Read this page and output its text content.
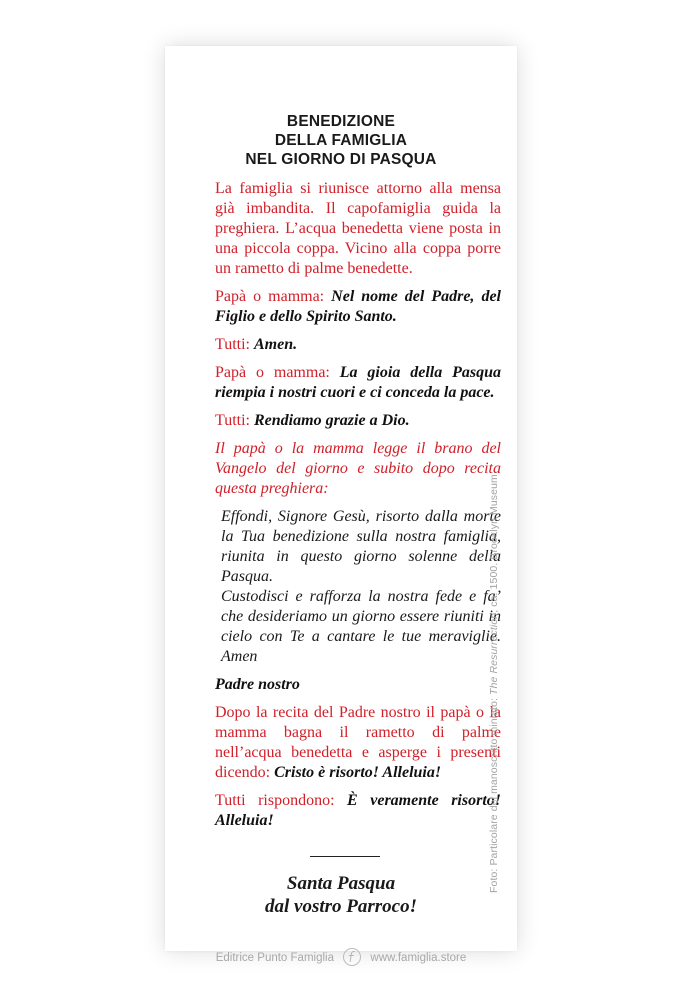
BENEDIZIONE
DELLA FAMIGLIA
NEL GIORNO DI PASQUA

La famiglia si riunisce attorno alla mensa già imbandita. Il capofamiglia guida la preghiera. L’acqua benedetta viene posta in una piccola coppa. Vicino alla coppa porre un rametto di palme benedette.

Papà o mamma: Nel nome del Padre, del Figlio e dello Spirito Santo.

Tutti: Amen.

Papà o mamma: La gioia della Pasqua riempia i nostri cuori e ci conceda la pace.

Tutti: Rendiamo grazie a Dio.

Il papà o la mamma legge il brano del Vangelo del giorno e subito dopo recita questa preghiera:

Effondi, Signore Gesù, risorto dalla morte la Tua benedizione sulla nostra famiglia, riunita in questo giorno solenne della Pasqua.
Custodisci e rafforza la nostra fede e fa’ che desideriamo un giorno essere riuniti in cielo con Te a cantare le tue meraviglie. Amen

Padre nostro

Dopo la recita del Padre nostro il papà o la mamma bagna il rametto di palme nell’acqua benedetta e asperge i presenti dicendo: Cristo è risorto! Alleluia!

Tutti rispondono: È veramente risorto! Alleluia!

Santa Pasqua
dal vostro Parroco!
Editrice Punto Famiglia	www.famiglia.store
Foto: Particolare del manoscritto miniato: The Resurrection, ca. 1500. Brooklyn Museum.
